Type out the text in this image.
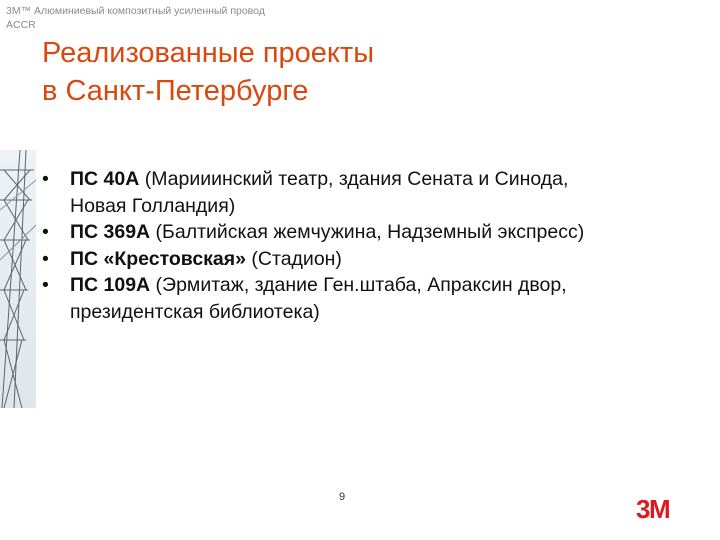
3M™ Алюминиевый композитный усиленный провод
ACCR
Реализованные проекты
в Санкт-Петербурге
• ПС 40А (Марииинский театр, здания Сената и Синода, Новая Голландия)
• ПС 369А (Балтийская жемчужина, Надземный экспресс)
• ПС «Крестовская» (Стадион)
• ПС 109А (Эрмитаж, здание Ген.штаба, Апраксин двор, президентская библиотека)
9	3M
